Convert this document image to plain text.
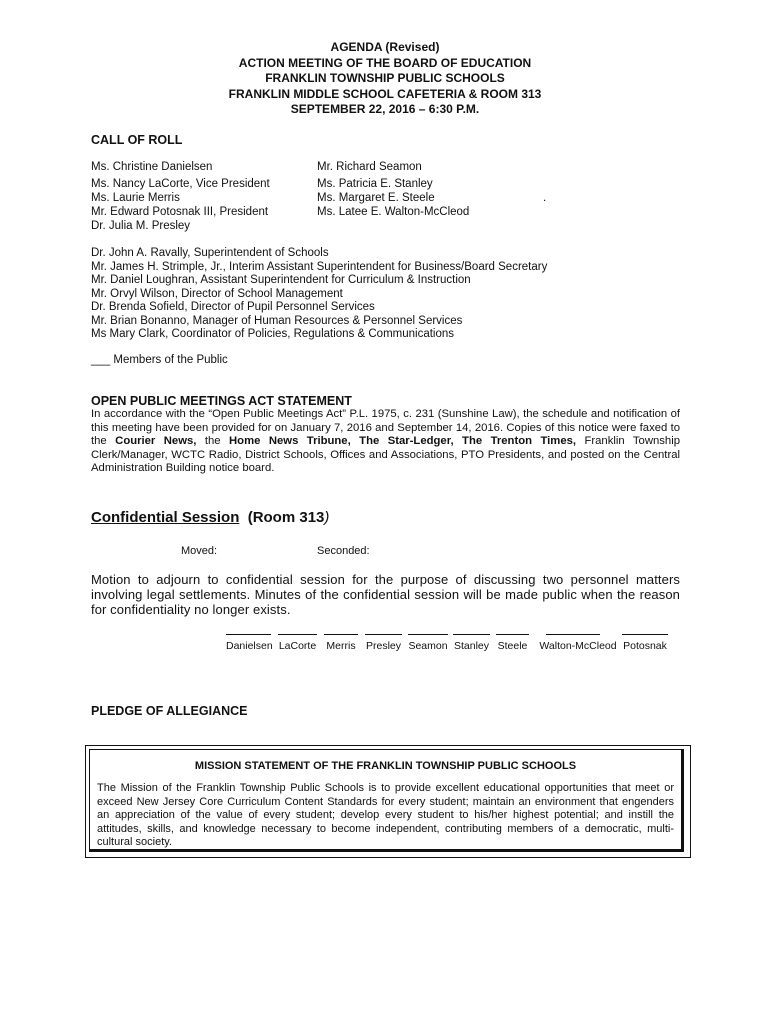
AGENDA (Revised)
ACTION MEETING OF THE BOARD OF EDUCATION
FRANKLIN TOWNSHIP PUBLIC SCHOOLS
FRANKLIN MIDDLE SCHOOL CAFETERIA & ROOM 313
SEPTEMBER 22, 2016 – 6:30 P.M.
CALL OF ROLL
Ms. Christine Danielsen
Ms. Nancy LaCorte, Vice President
Ms. Laurie Merris
Mr. Edward Potosnak III, President
Dr. Julia M. Presley
Mr. Richard Seamon
Ms. Patricia E. Stanley
Ms. Margaret E. Steele
Ms. Latee E. Walton-McCleod
.
Dr. John A. Ravally, Superintendent of Schools
Mr. James H. Strimple, Jr., Interim Assistant Superintendent for Business/Board Secretary
Mr. Daniel Loughran, Assistant Superintendent for Curriculum & Instruction
Mr. Orvyl Wilson, Director of School Management
Dr. Brenda Sofield, Director of Pupil Personnel Services
Mr. Brian Bonanno, Manager of Human Resources & Personnel Services
Ms Mary Clark, Coordinator of Policies, Regulations & Communications
___ Members of the Public
OPEN PUBLIC MEETINGS ACT STATEMENT
In accordance with the “Open Public Meetings Act” P.L. 1975, c. 231 (Sunshine Law), the schedule and notification of this meeting have been provided for on January 7, 2016 and September 14, 2016. Copies of this notice were faxed to the Courier News, the Home News Tribune, The Star-Ledger, The Trenton Times, Franklin Township Clerk/Manager, WCTC Radio, District Schools, Offices and Associations, PTO Presidents, and posted on the Central Administration Building notice board.
Confidential Session  (Room 313)
Moved:	Seconded:
Motion to adjourn to confidential session for the purpose of discussing two personnel matters involving legal settlements. Minutes of the confidential session will be made public when the reason for confidentiality no longer exists.
Danielsen LaCorte Merris Presley Seamon Stanley Steele Walton-McCleod Potosnak
PLEDGE OF ALLEGIANCE
MISSION STATEMENT OF THE FRANKLIN TOWNSHIP PUBLIC SCHOOLS
The Mission of the Franklin Township Public Schools is to provide excellent educational opportunities that meet or exceed New Jersey Core Curriculum Content Standards for every student; maintain an environment that engenders an appreciation of the value of every student; develop every student to his/her highest potential; and instill the attitudes, skills, and knowledge necessary to become independent, contributing members of a democratic, multi-cultural society.
